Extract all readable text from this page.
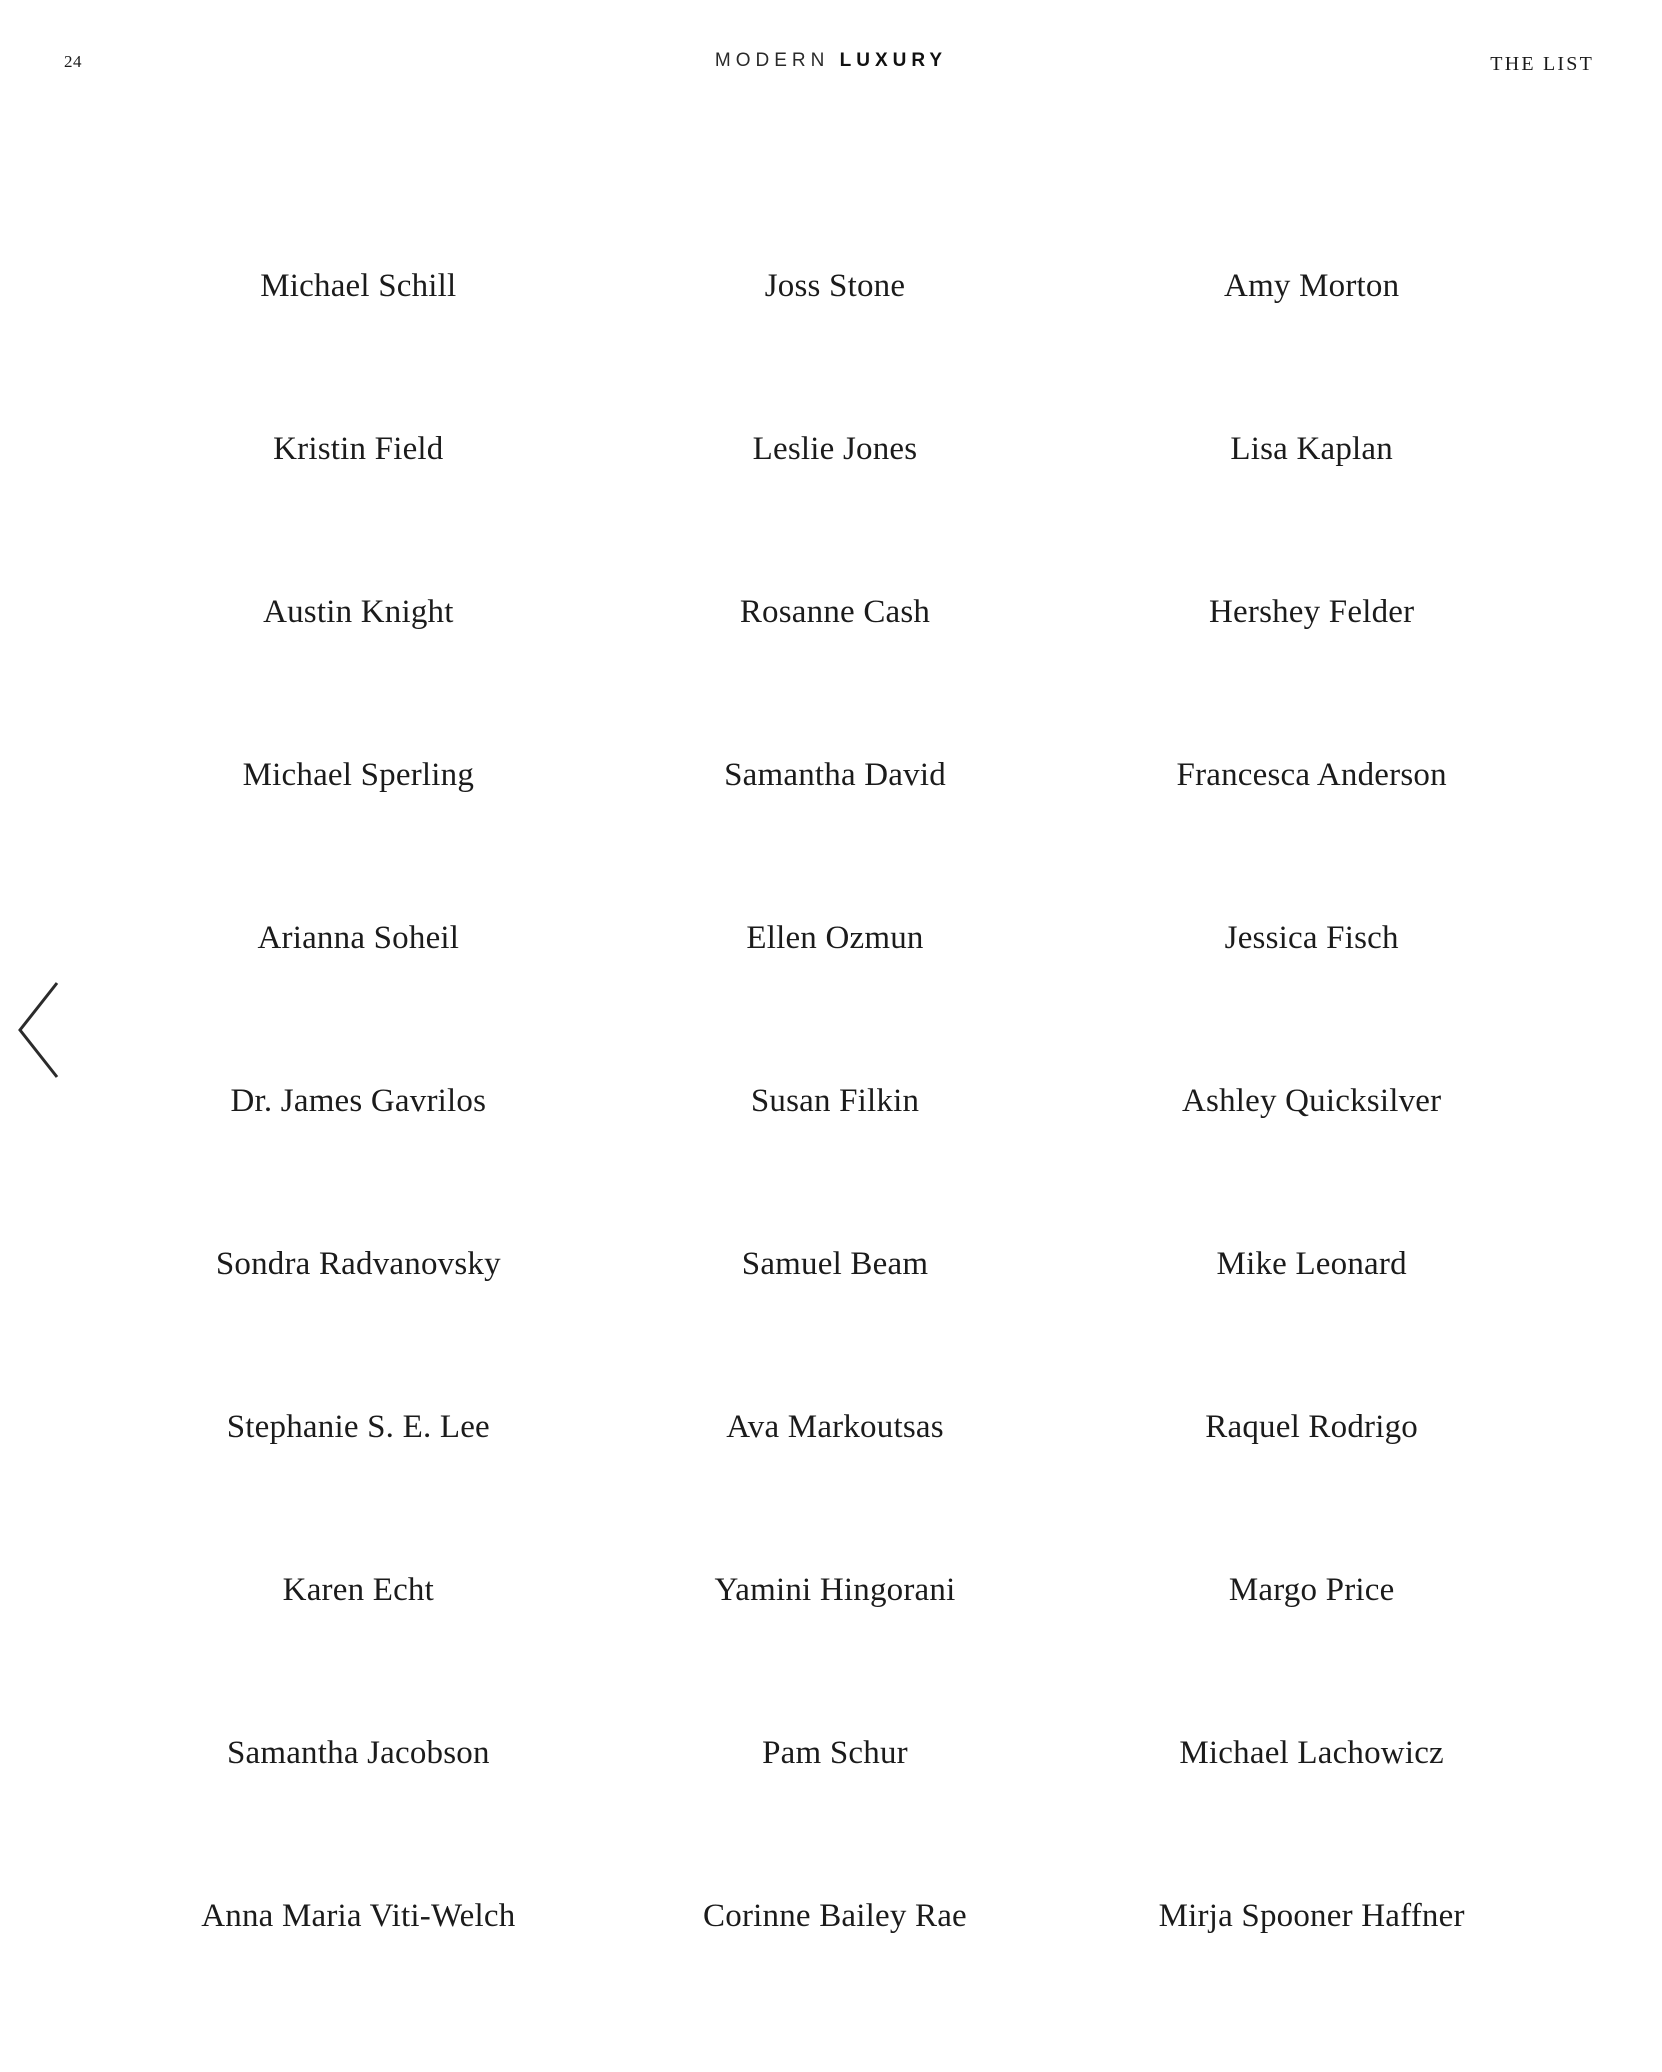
24	MODERN LUXURY	THE LIST
Michael Schill	Joss Stone	Amy Morton
Kristin Field	Leslie Jones	Lisa Kaplan
Austin Knight	Rosanne Cash	Hershey Felder
Michael Sperling	Samantha David	Francesca Anderson
Arianna Soheil	Ellen Ozmun	Jessica Fisch
Dr. James Gavrilos	Susan Filkin	Ashley Quicksilver
Sondra Radvanovsky	Samuel Beam	Mike Leonard
Stephanie S. E. Lee	Ava Markoutsas	Raquel Rodrigo
Karen Echt	Yamini Hingorani	Margo Price
Samantha Jacobson	Pam Schur	Michael Lachowicz
Anna Maria Viti-Welch	Corinne Bailey Rae	Mirja Spooner Haffner
